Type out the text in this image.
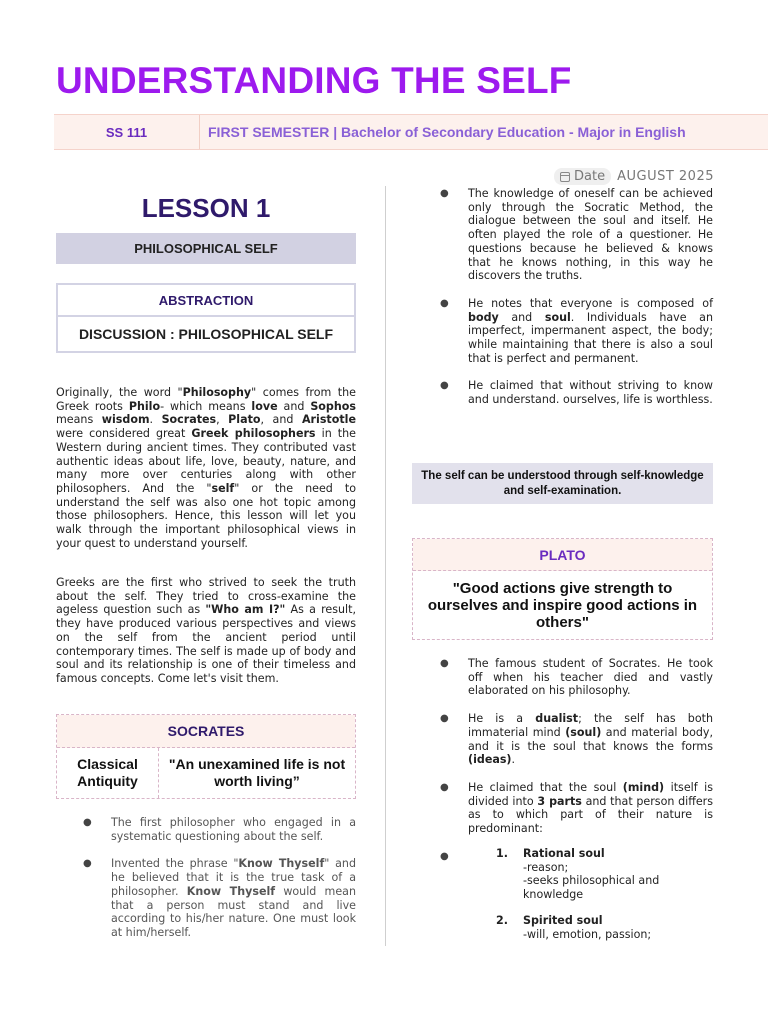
UNDERSTANDING THE SELF
SS 111	FIRST SEMESTER | Bachelor of Secondary Education - Major in English
Date AUGUST 2025
LESSON 1
PHILOSOPHICAL SELF
ABSTRACTION
DISCUSSION : PHILOSOPHICAL SELF

Originally, the word "Philosophy" comes from the Greek roots Philo- which means love and Sophos means wisdom. Socrates, Plato, and Aristotle were considered great Greek philosophers in the Western during ancient times. They contributed vast authentic ideas about life, love, beauty, nature, and many more over centuries along with other philosophers. And the "self" or the need to understand the self was also one hot topic among those philosophers. Hence, this lesson will let you walk through the important philosophical views in your quest to understand yourself.

Greeks are the first who strived to seek the truth about the self. They tried to cross-examine the ageless question such as "Who am I?" As a result, they have produced various perspectives and views on the self from the ancient period until contemporary times. The self is made up of body and soul and its relationship is one of their timeless and famous concepts. Come let's visit them.

SOCRATES
Classical Antiquity
"An unexamined life is not worth living”
● The first philosopher who engaged in a systematic questioning about the self.
● Invented the phrase "Know Thyself" and he believed that it is the true task of a philosopher. Know Thyself would mean that a person must stand and live according to his/her nature. One must look at him/herself.
● The knowledge of oneself can be achieved only through the Socratic Method, the dialogue between the soul and itself. He often played the role of a questioner. He questions because he believed & knows that he knows nothing, in this way he discovers the truths.
● He notes that everyone is composed of body and soul. Individuals have an imperfect, impermanent aspect, the body; while maintaining that there is also a soul that is perfect and permanent.
● He claimed that without striving to know and understand. ourselves, life is worthless.
The self can be understood through self-knowledge and self-examination.
PLATO
"Good actions give strength to ourselves and inspire good actions in others"
● The famous student of Socrates. He took off when his teacher died and vastly elaborated on his philosophy.
● He is a dualist; the self has both immaterial mind (soul) and material body, and it is the soul that knows the forms (ideas).
● He claimed that the soul (mind) itself is divided into 3 parts and that person differs as to which part of their nature is predominant:
●	1. Rational soul
-reason;
-seeks philosophical and knowledge
2. Spirited soul
-will, emotion, passion;
